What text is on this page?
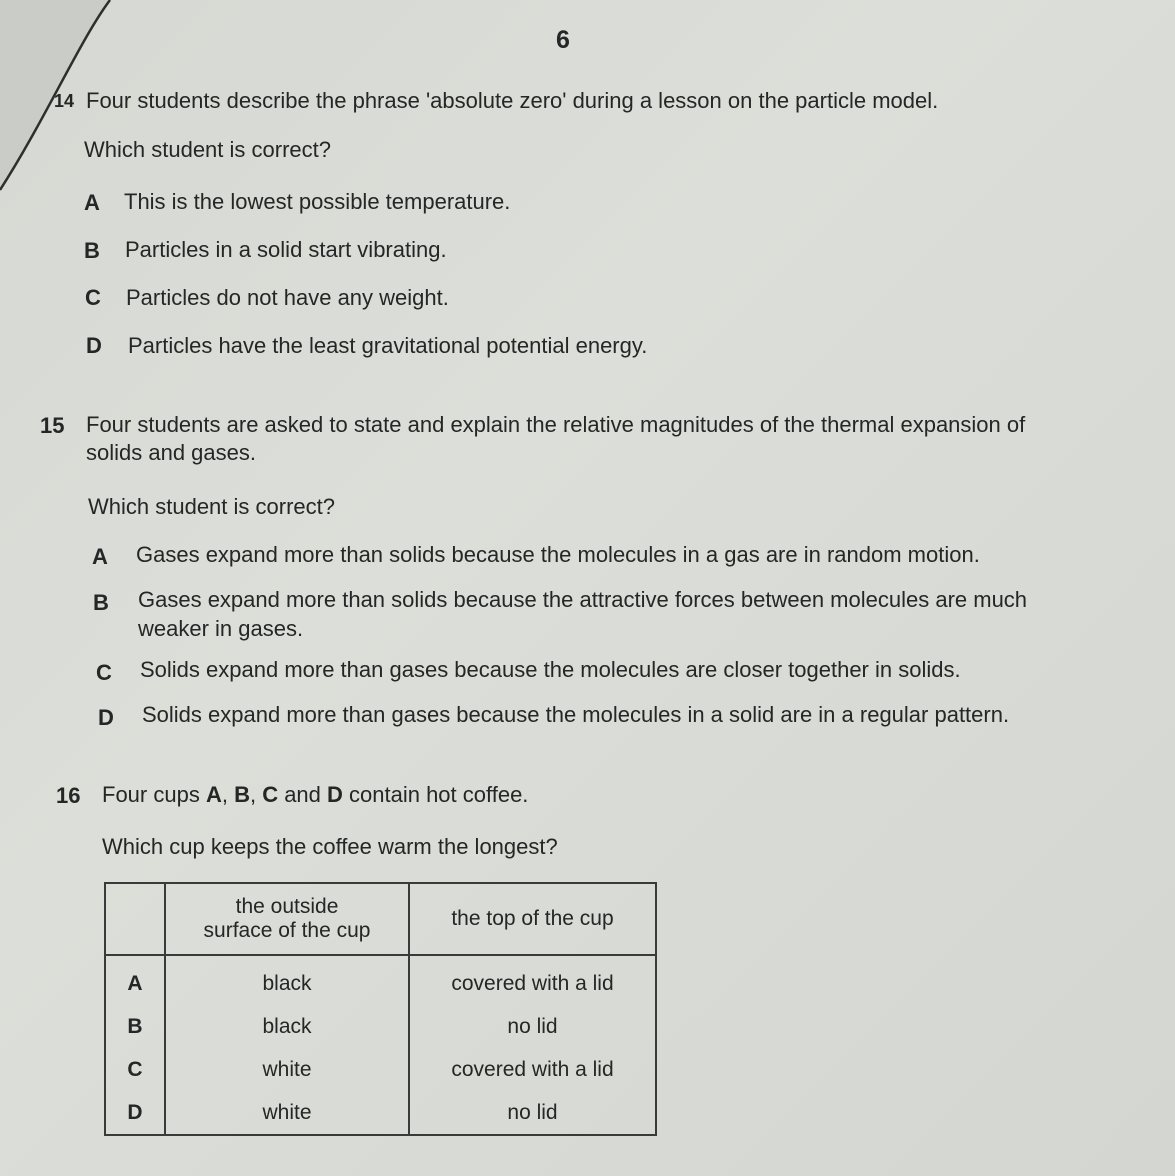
6
14 Four students describe the phrase 'absolute zero' during a lesson on the particle model.
Which student is correct?
A This is the lowest possible temperature.
B Particles in a solid start vibrating.
C Particles do not have any weight.
D Particles have the least gravitational potential energy.
15 Four students are asked to state and explain the relative magnitudes of the thermal expansion of
solids and gases.
Which student is correct?
A Gases expand more than solids because the molecules in a gas are in random motion.
B Gases expand more than solids because the attractive forces between molecules are much
weaker in gases.
C Solids expand more than gases because the molecules are closer together in solids.
D Solids expand more than gases because the molecules in a solid are in a regular pattern.
16 Four cups A, B, C and D contain hot coffee.
Which cup keeps the coffee warm the longest?

	the outside
surface of the cup	the top of the cup
A	black	covered with a lid
B	black	no lid
C	white	covered with a lid
D	white	no lid
